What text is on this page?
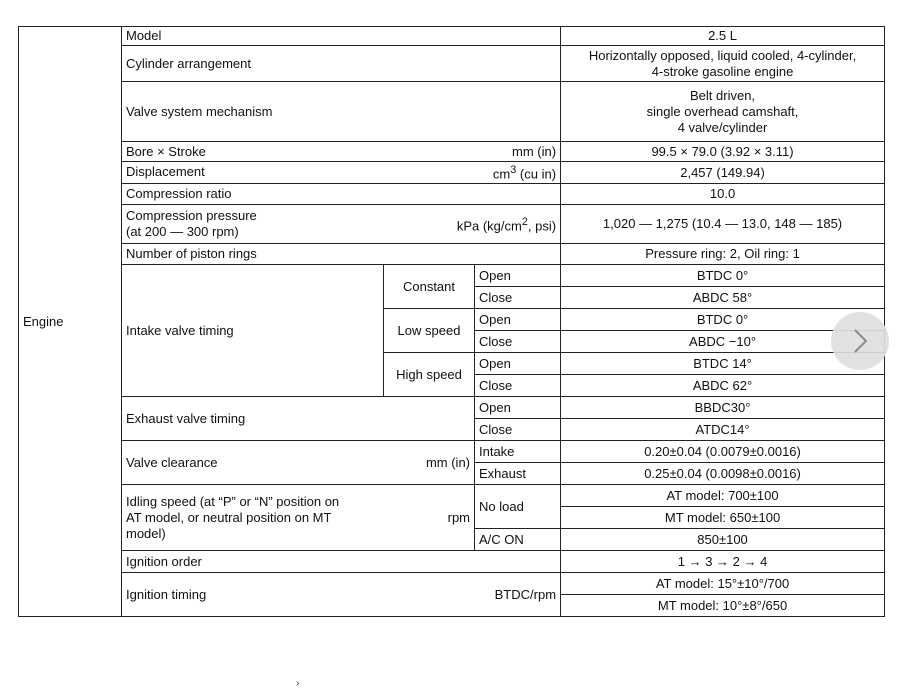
Engine	Model			2.5 L
	Cylinder arrangement			Horizontally opposed, liquid cooled, 4-cylinder,
4-stroke gasoline engine

	Valve system mechanism			Belt driven,
single overhead camshaft,
4 valve/cylinder

	Bore × Stroke mm (in)			99.5 × 79.0 (3.92 × 3.11)

	Displacement $cm^3$ (cu in)			2,457 (149.94)
	Compression ratio			10.0

	Compression pressure
(at 200 — 300 rpm) kPa ($kg/cm^2$, psi)			1,020 — 1,275 (10.4 — 13.0, 148 — 185)
	Number of piston rings			Pressure ring: 2, Oil ring: 1
	Intake valve timing	Constant	Open	BTDC 0°
			Close	ABDC 58°
		Low speed	Open	BTDC 0°
			Close	ABDC −10°
		High speed	Open	BTDC 14°
			Close	ABDC 62°
	Exhaust valve timing		Open	BBDC30°
			Close	ATDC14°

	Valve clearance mm (in)		Intake	0.20±0.04 (0.0079±0.0016)
			Exhaust	0.25±0.04 (0.0098±0.0016)

	Idling speed (at “P” or “N” position on
AT model, or neutral position on MT
model)
rpm		No load	AT model: 700±100
				MT model: 650±100
			A/C ON	850±100
	Ignition order			1 → 3 → 2 → 4

	Ignition timing BTDC/rpm			AT model: 15°±10°/700
				MT model: 10°±8°/650
›
